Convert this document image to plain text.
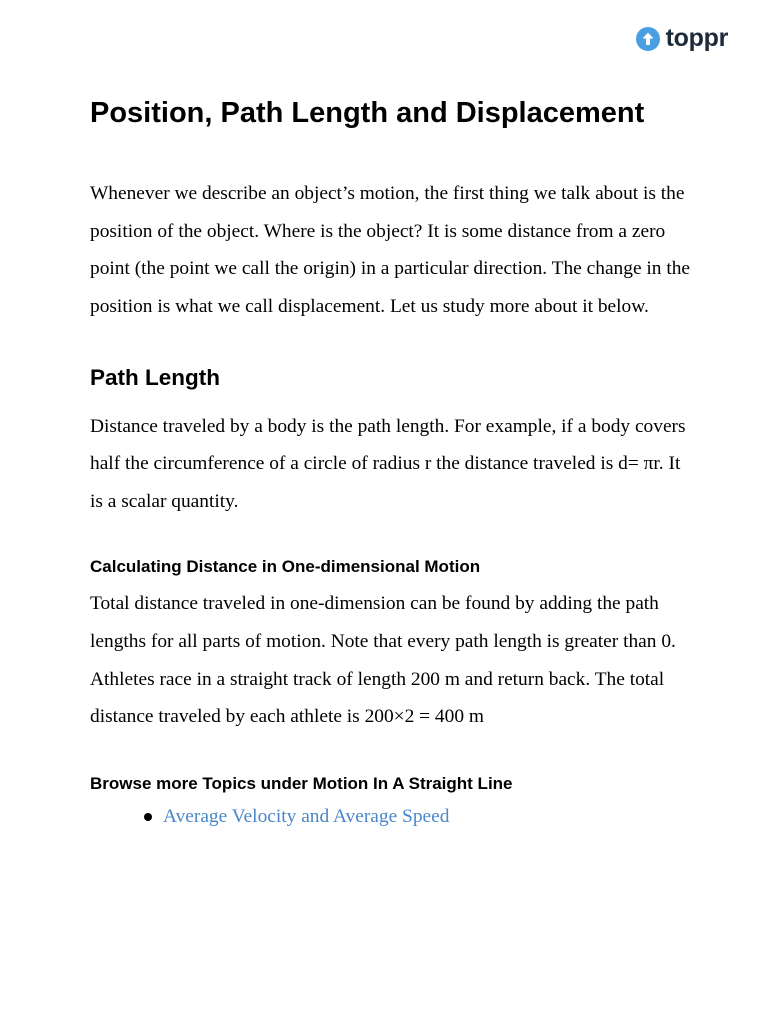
toppr
Position, Path Length and Displacement

Whenever we describe an object’s motion, the first thing we talk about is the position of the object. Where is the object? It is some distance from a zero point (the point we call the origin) in a particular direction. The change in the position is what we call displacement. Let us study more about it below.

Path Length

Distance traveled by a body is the path length. For example, if a body covers half the circumference of a circle of radius r the distance traveled is d= πr. It is a scalar quantity.

Calculating Distance in One-dimensional Motion

Total distance traveled in one-dimension can be found by adding the path lengths for all parts of motion. Note that every path length is greater than 0. Athletes race in a straight track of length 200 m and return back. The total distance traveled by each athlete is 200×2 = 400 m

Browse more Topics under Motion In A Straight Line
Average Velocity and Average Speed
